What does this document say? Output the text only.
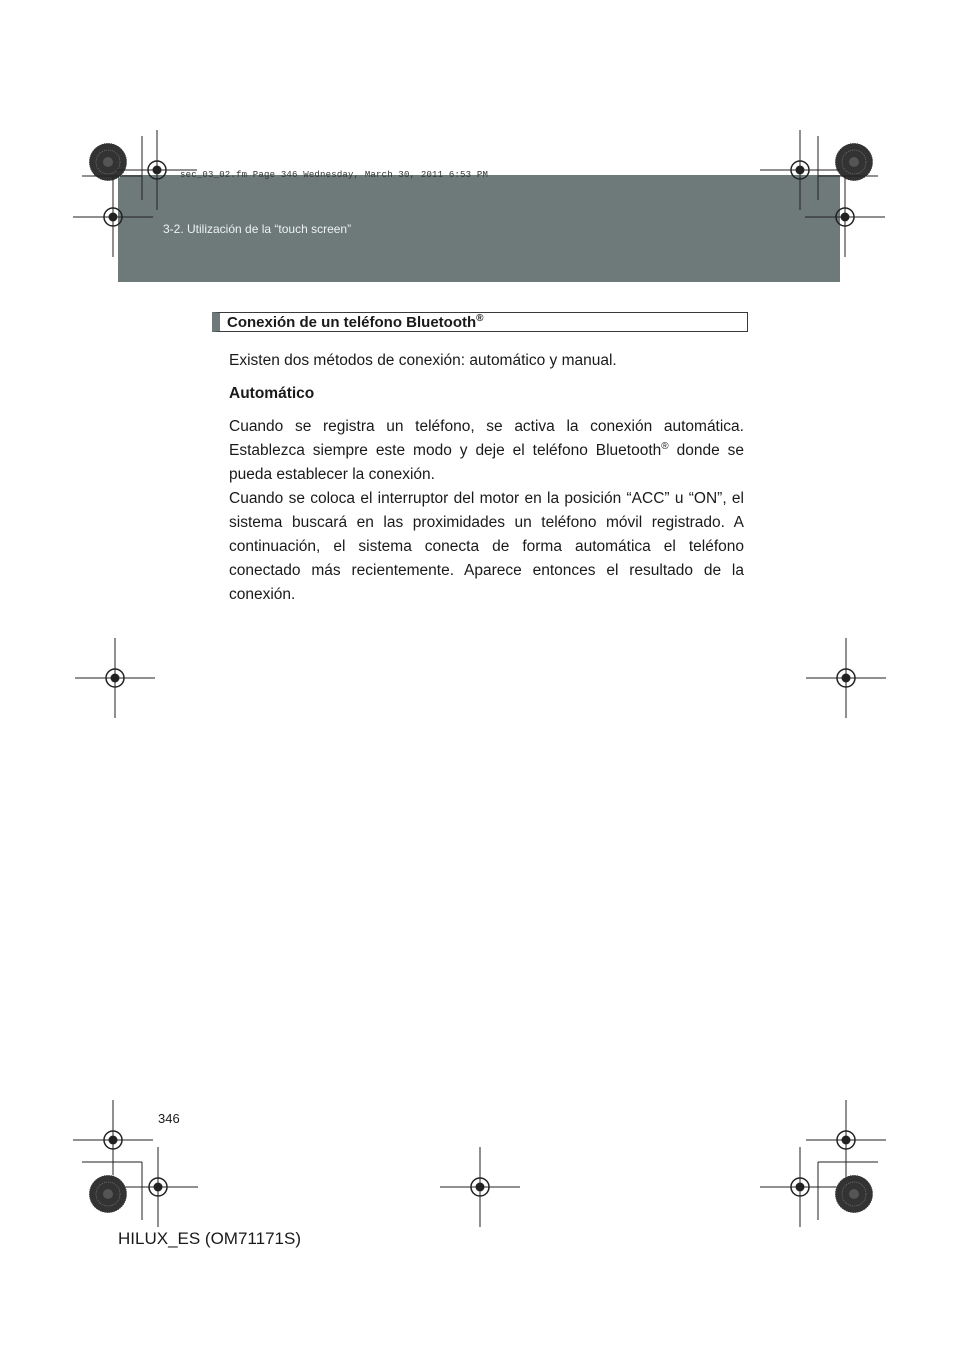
sec_03_02.fm Page 346 Wednesday, March 30, 2011 6:53 PM
3-2. Utilización de la “touch screen”
Conexión de un teléfono Bluetooth®

Existen dos métodos de conexión: automático y manual.

Automático

Cuando se registra un teléfono, se activa la conexión automática. Establezca siempre este modo y deje el teléfono Bluetooth® donde se pueda establecer la conexión.

Cuando se coloca el interruptor del motor en la posición “ACC” u “ON”, el sistema buscará en las proximidades un teléfono móvil registrado. A continuación, el sistema conecta de forma automática el teléfono conectado más recientemente. Aparece entonces el resultado de la conexión.

346
HILUX_ES (OM71171S)
